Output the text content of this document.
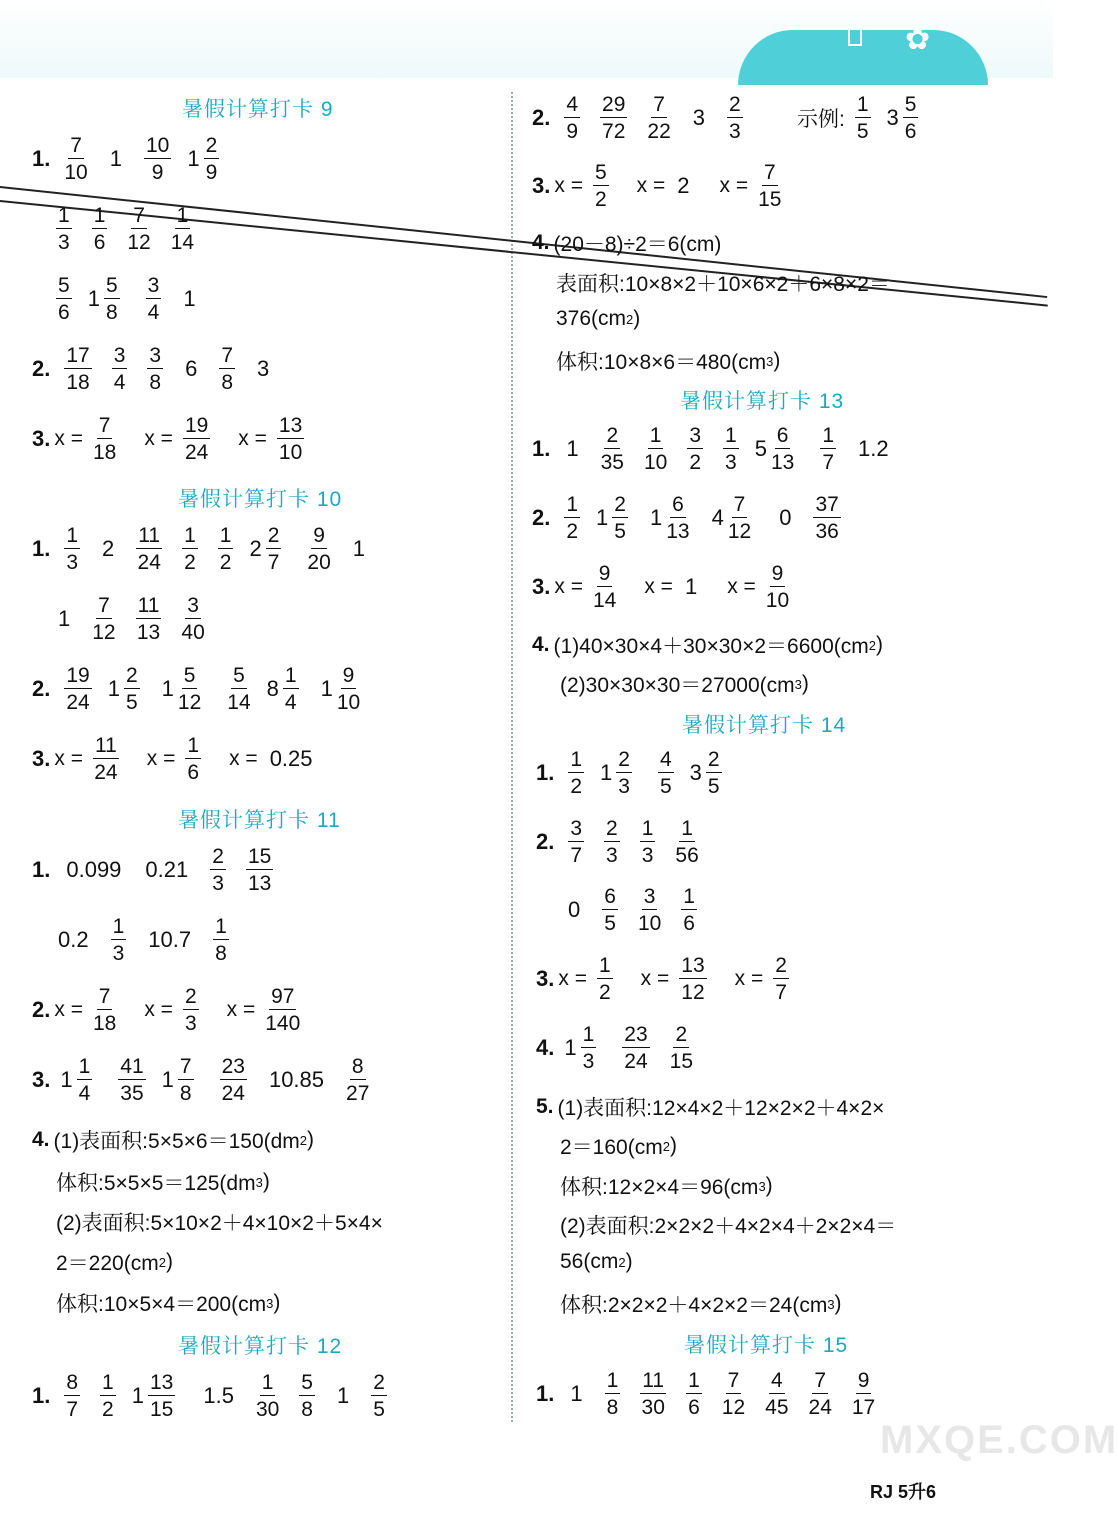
✿
暑假计算打卡 9
1. $\frac{7}{10} 1 \frac{10}{9} 1 \frac{2}{9}$
$\frac{1}{3} \frac{1}{6} \frac{7}{12} \frac{1}{14}$
$\frac{5}{6} 1 \frac{5}{8} \frac{3}{4} 1$
2. $\frac{17}{18} \frac{3}{4} \frac{3}{8} 6 \frac{7}{8} 3$
3. $x = \frac{7}{18}$ $x = \frac{19}{24}$ $x = \frac{13}{10}$
暑假计算打卡 10
1. $\frac{1}{3} 2 \frac{11}{24} \frac{1}{2} \frac{1}{2} 2 \frac{2}{7} \frac{9}{20} 1$
$1 \frac{7}{12} \frac{11}{13} \frac{3}{40}$
2. $\frac{19}{24} 1 \frac{2}{5} 1 \frac{5}{12} \frac{5}{14} 8 \frac{1}{4} 1 \frac{9}{10}$
3. $x = \frac{11}{24}$ $x = \frac{1}{6}$ x = 0.25
暑假计算打卡 11
1. 0.099 $0.21 \frac{2}{3} \frac{15}{13}$
$0.2 \frac{1}{3} 10.7 \frac{1}{8}$
2. $x = \frac{7}{18}$ $x = \frac{2}{3}$ $x = \frac{97}{140}$
3. $1 \frac{1}{4} \frac{41}{35} 1 \frac{7}{8} \frac{23}{24} 10.85 \frac{8}{27}$
4. (1)表面积:5×5×6＝150(dm 2 )
体积:5×5×5＝125(dm 3 )
(2)表面积:5×10×2＋4×10×2＋5×4×
2＝220(cm 2 )
体积:10×5×4＝200(cm 3 )
暑假计算打卡 12
1. $\frac{8}{7} \frac{1}{2} 1 \frac{13}{15} 1.5 \frac{1}{30} \frac{5}{8} 1 \frac{2}{5}$
2. $\frac{4}{9} \frac{29}{72} \frac{7}{22} 3 \frac{2}{3}$	示例: $\frac{1}{5} 3 \frac{5}{6}$
3. $x = \frac{5}{2}$ x = 2 $x = \frac{7}{15}$
4. (20－8)÷2＝6(cm)
表面积:10×8×2＋10×6×2＋6×8×2＝
376(cm 2 )
体积:10×8×6＝480(cm 3 )
暑假计算打卡 13
1. $1 \frac{2}{35} \frac{1}{10} \frac{3}{2} \frac{1}{3} 5 \frac{6}{13} \frac{1}{7} 1.2$
2. $\frac{1}{2} 1 \frac{2}{5} 1 \frac{6}{13} 4 \frac{7}{12} 0 \frac{37}{36}$
3. $x = \frac{9}{14}$ x = 1 $x = \frac{9}{10}$
4. (1)40×30×4＋30×30×2＝6600(cm 2 )
(2)30×30×30＝27000(cm 3 )
暑假计算打卡 14
1. $\frac{1}{2} 1 \frac{2}{3} \frac{4}{5} 3 \frac{2}{5}$
2. $\frac{3}{7} \frac{2}{3} \frac{1}{3} \frac{1}{56}$
$0 \frac{6}{5} \frac{3}{10} \frac{1}{6}$
3. $x = \frac{1}{2}$ $x = \frac{13}{12}$ $x = \frac{2}{7}$
4. $1 \frac{1}{3} \frac{23}{24} \frac{2}{15}$
5. (1)表面积:12×4×2＋12×2×2＋4×2×
2＝160(cm 2 )
体积:12×2×4＝96(cm 3 )
(2)表面积:2×2×2＋4×2×4＋2×2×4＝
56(cm 2 )
体积:2×2×2＋4×2×2＝24(cm 3 )
暑假计算打卡 15
1. $1 \frac{1}{8} \frac{11}{30} \frac{1}{6} \frac{7}{12} \frac{4}{45} \frac{7}{24} \frac{9}{17}$
MXQE.COM
RJ 5升6
